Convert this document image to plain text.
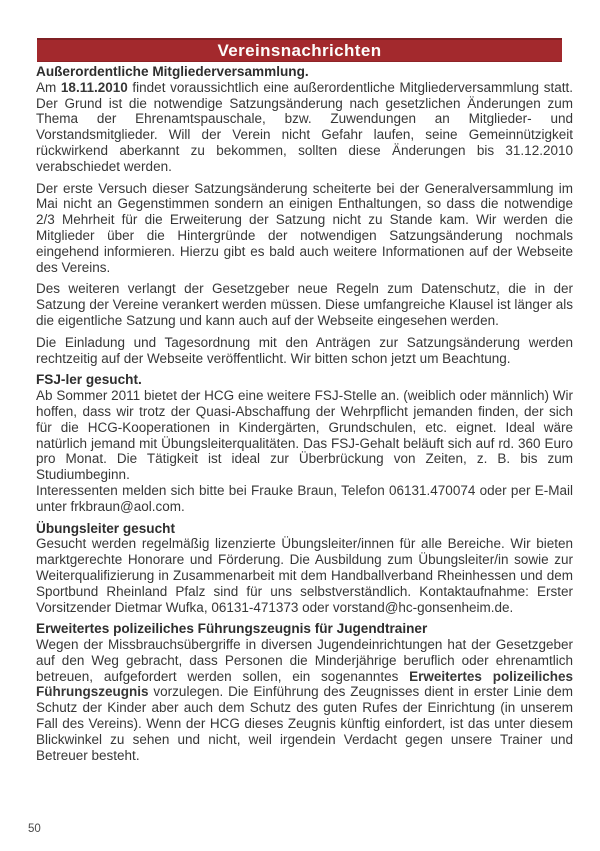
Vereinsnachrichten
Außerordentliche Mitgliederversammlung.

Am 18.11.2010 findet voraussichtlich eine außerordentliche Mitgliederversammlung statt. Der Grund ist die notwendige Satzungsänderung nach gesetzlichen Änderungen zum Thema der Ehrenamtspauschale, bzw. Zuwendungen an Mitglieder- und Vorstandsmitglieder. Will der Verein nicht Gefahr laufen, seine Gemeinnützigkeit rückwirkend aberkannt zu bekommen, sollten diese Änderungen bis 31.12.2010 verabschiedet werden.

Der erste Versuch dieser Satzungsänderung scheiterte bei der Generalversammlung im Mai nicht an Gegenstimmen sondern an einigen Enthaltungen, so dass die notwendige 2/3 Mehrheit für die Erweiterung der Satzung nicht zu Stande kam. Wir werden die Mitglieder über die Hintergründe der notwendigen Satzungsänderung nochmals eingehend informieren. Hierzu gibt es bald auch weitere Informationen auf der Webseite des Vereins.

Des weiteren verlangt der Gesetzgeber neue Regeln zum Datenschutz, die in der Satzung der Vereine verankert werden müssen. Diese umfangreiche Klausel ist länger als die eigentliche Satzung und kann auch auf der Webseite eingesehen werden.

Die Einladung und Tagesordnung mit den Anträgen zur Satzungsänderung werden rechtzeitig auf der Webseite veröffentlicht. Wir bitten schon jetzt um Beachtung.

FSJ-ler gesucht.

Ab Sommer 2011 bietet der HCG eine weitere FSJ-Stelle an. (weiblich oder männlich) Wir hoffen, dass wir trotz der Quasi-Abschaffung der Wehrpflicht jemanden finden, der sich für die HCG-Kooperationen in Kindergärten, Grundschulen, etc. eignet. Ideal wäre natürlich jemand mit Übungsleiterqualitäten. Das FSJ-Gehalt beläuft sich auf rd. 360 Euro pro Monat. Die Tätigkeit ist ideal zur Überbrückung von Zeiten, z. B. bis zum Studiumbeginn.

Interessenten melden sich bitte bei Frauke Braun, Telefon 06131.470074 oder per E-Mail unter frkbraun@aol.com.

Übungsleiter gesucht

Gesucht werden regelmäßig lizenzierte Übungsleiter/innen für alle Bereiche. Wir bieten marktgerechte Honorare und Förderung. Die Ausbildung zum Übungsleiter/in sowie zur Weiterqualifizierung in Zusammenarbeit mit dem Handballverband Rheinhessen und dem Sportbund Rheinland Pfalz sind für uns selbstverständlich. Kontaktaufnahme: Erster Vorsitzender Dietmar Wufka, 06131-471373 oder vorstand@hc-gonsenheim.de.

Erweitertes polizeiliches Führungszeugnis für Jugendtrainer

Wegen der Missbrauchsübergriffe in diversen Jugendeinrichtungen hat der Gesetzgeber auf den Weg gebracht, dass Personen die Minderjährige beruflich oder ehrenamtlich betreuen, aufgefordert werden sollen, ein sogenanntes Erweitertes polizeiliches Führungszeugnis vorzulegen. Die Einführung des Zeugnisses dient in erster Linie dem Schutz der Kinder aber auch dem Schutz des guten Rufes der Einrichtung (in unserem Fall des Vereins). Wenn der HCG dieses Zeugnis künftig einfordert, ist das unter diesem Blickwinkel zu sehen und nicht, weil irgendein Verdacht gegen unsere Trainer und Betreuer besteht.

50
